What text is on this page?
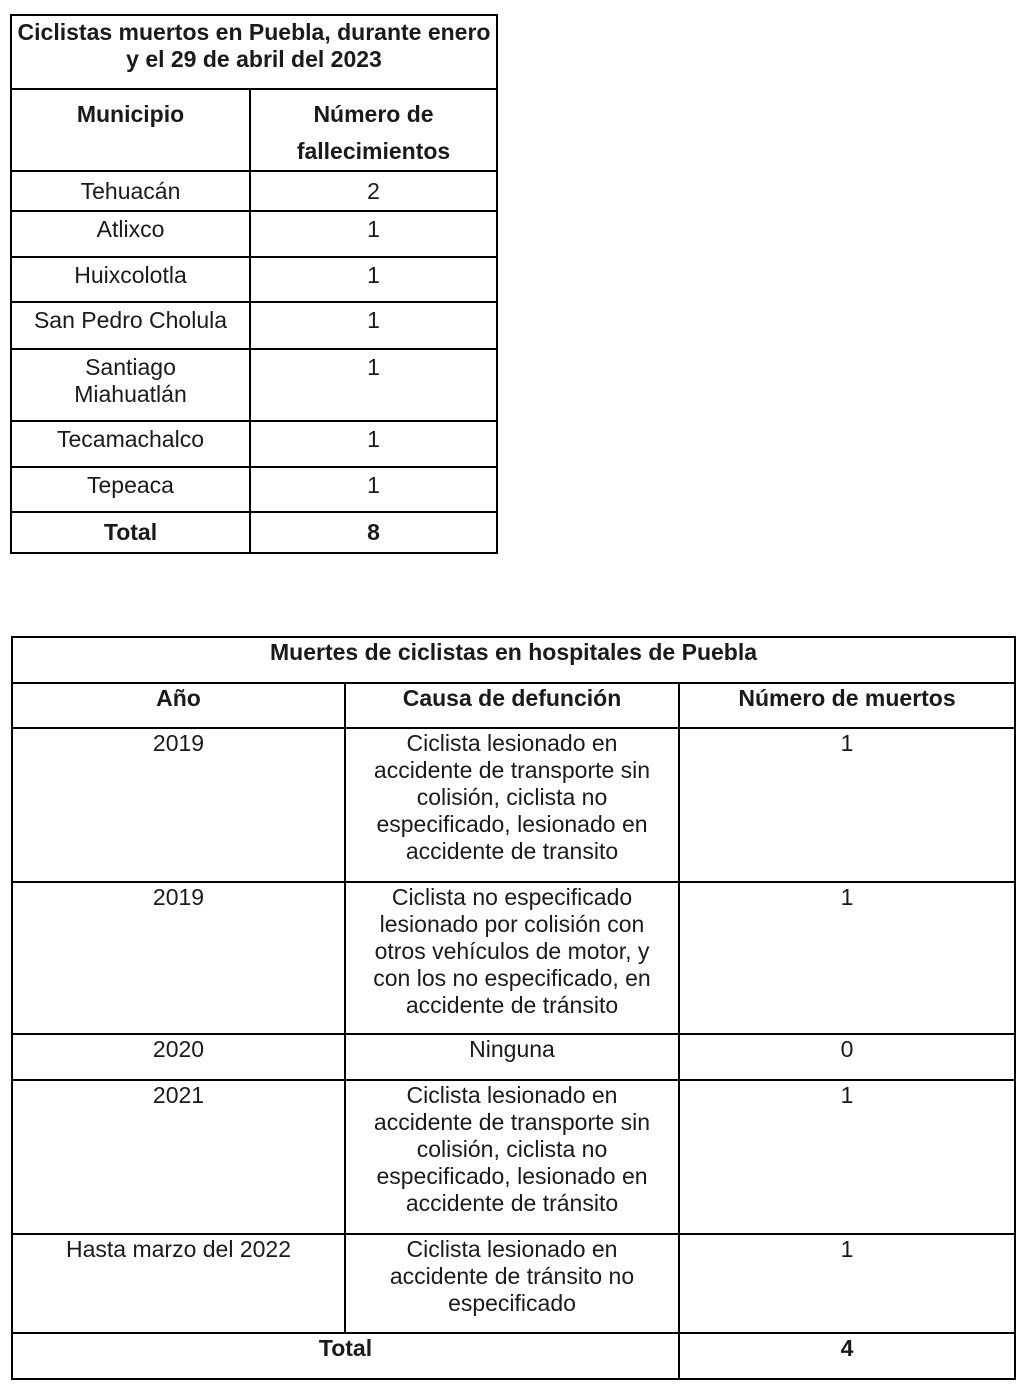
Ciclistas muertos en Puebla, durante enero y el 29 de abril del 2023	
Municipio	Número de fallecimientos
Tehuacán	2
Atlixco	1
Huixcolotla	1
San Pedro Cholula	1
Santiago Miahuatlán	1
Tecamachalco	1
Tepeaca	1
Total	8
Muertes de ciclistas en hospitales de Puebla		
Año	Causa de defunción	Número de muertos
2019	Ciclista lesionado en accidente de transporte sin colisión, ciclista no especificado, lesionado en accidente de transito	1
2019	Ciclista no especificado lesionado por colisión con otros vehículos de motor, y con los no especificado, en accidente de tránsito	1
2020	Ninguna	0
2021	Ciclista lesionado en accidente de transporte sin colisión, ciclista no especificado, lesionado en accidente de tránsito	1
Hasta marzo del 2022	Ciclista lesionado en accidente de tránsito no especificado	1
Total		4
